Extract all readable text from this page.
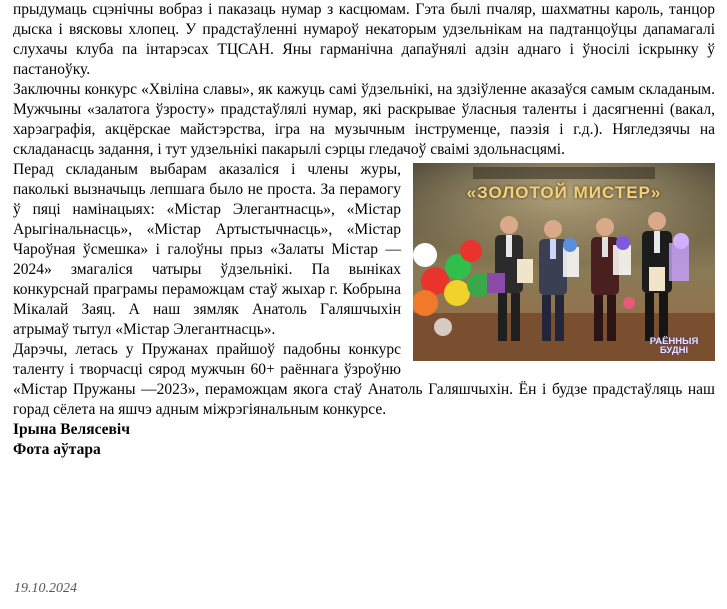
прыдумаць сцэнічны вобраз і паказаць нумар з касцюмам. Гэта былі пчаляр, шахматны кароль, танцор дыска і вясковы хлопец. У прадстаўленні нумароў некаторым удзельнікам на падтанцоўцы дапамагалі слухачы клуба па інтарэсах ТЦСАН. Яны гарманічна дапаўнялі адзін аднаго і ўносілі іскрынку ў пастаноўку.

Заключны конкурс «Хвіліна славы», як кажуць самі ўдзельнікі, на здзіўленне аказаўся самым складаным. Мужчыны «залатога ўзросту» прадстаўлялі нумар, які раскрывае ўласныя таленты і дасягненні (вакал, харэаграфія, акцёрскае майстэрства, ігра на музычным інструменце, паэзія і г.д.). Нягледзячы на складанасць задання, і тут удзельнікі пакарылі сэрцы гледачоў сваімі здольнасцямі.

«ЗОЛОТОЙ МИСТЕР»
РАЁННЫЯ БУДНІ

Перад складаным выбарам аказаліся і члены журы, паколькі вызначыць лепшага было не проста. За перамогу ў пяці намінацыях: «Містар Элегантнасць», «Містар Арыгінальнасць», «Містар Артыстычнасць», «Містар Чароўная ўсмешка» і галоўны прыз «Залаты Містар — 2024» змагаліся чатыры ўдзельнікі. Па выніках конкурснай праграмы пераможцам стаў жыхар г. Кобрына Мікалай Заяц. А наш зямляк Анатоль Галяшчыхін атрымаў тытул «Містар Элегантнасць».

Дарэчы, летась у Пружанах прайшоў падобны конкурс таленту і творчасці сярод мужчын 60+ раённага ўзроўню «Містар Пружаны —2023», пераможцам якога стаў Анатоль Галяшчыхін. Ён і будзе прадстаўляць наш горад сёлета на яшчэ адным міжрэгіянальным конкурсе.

Ірына Велясевіч

Фота аўтара

19.10.2024
